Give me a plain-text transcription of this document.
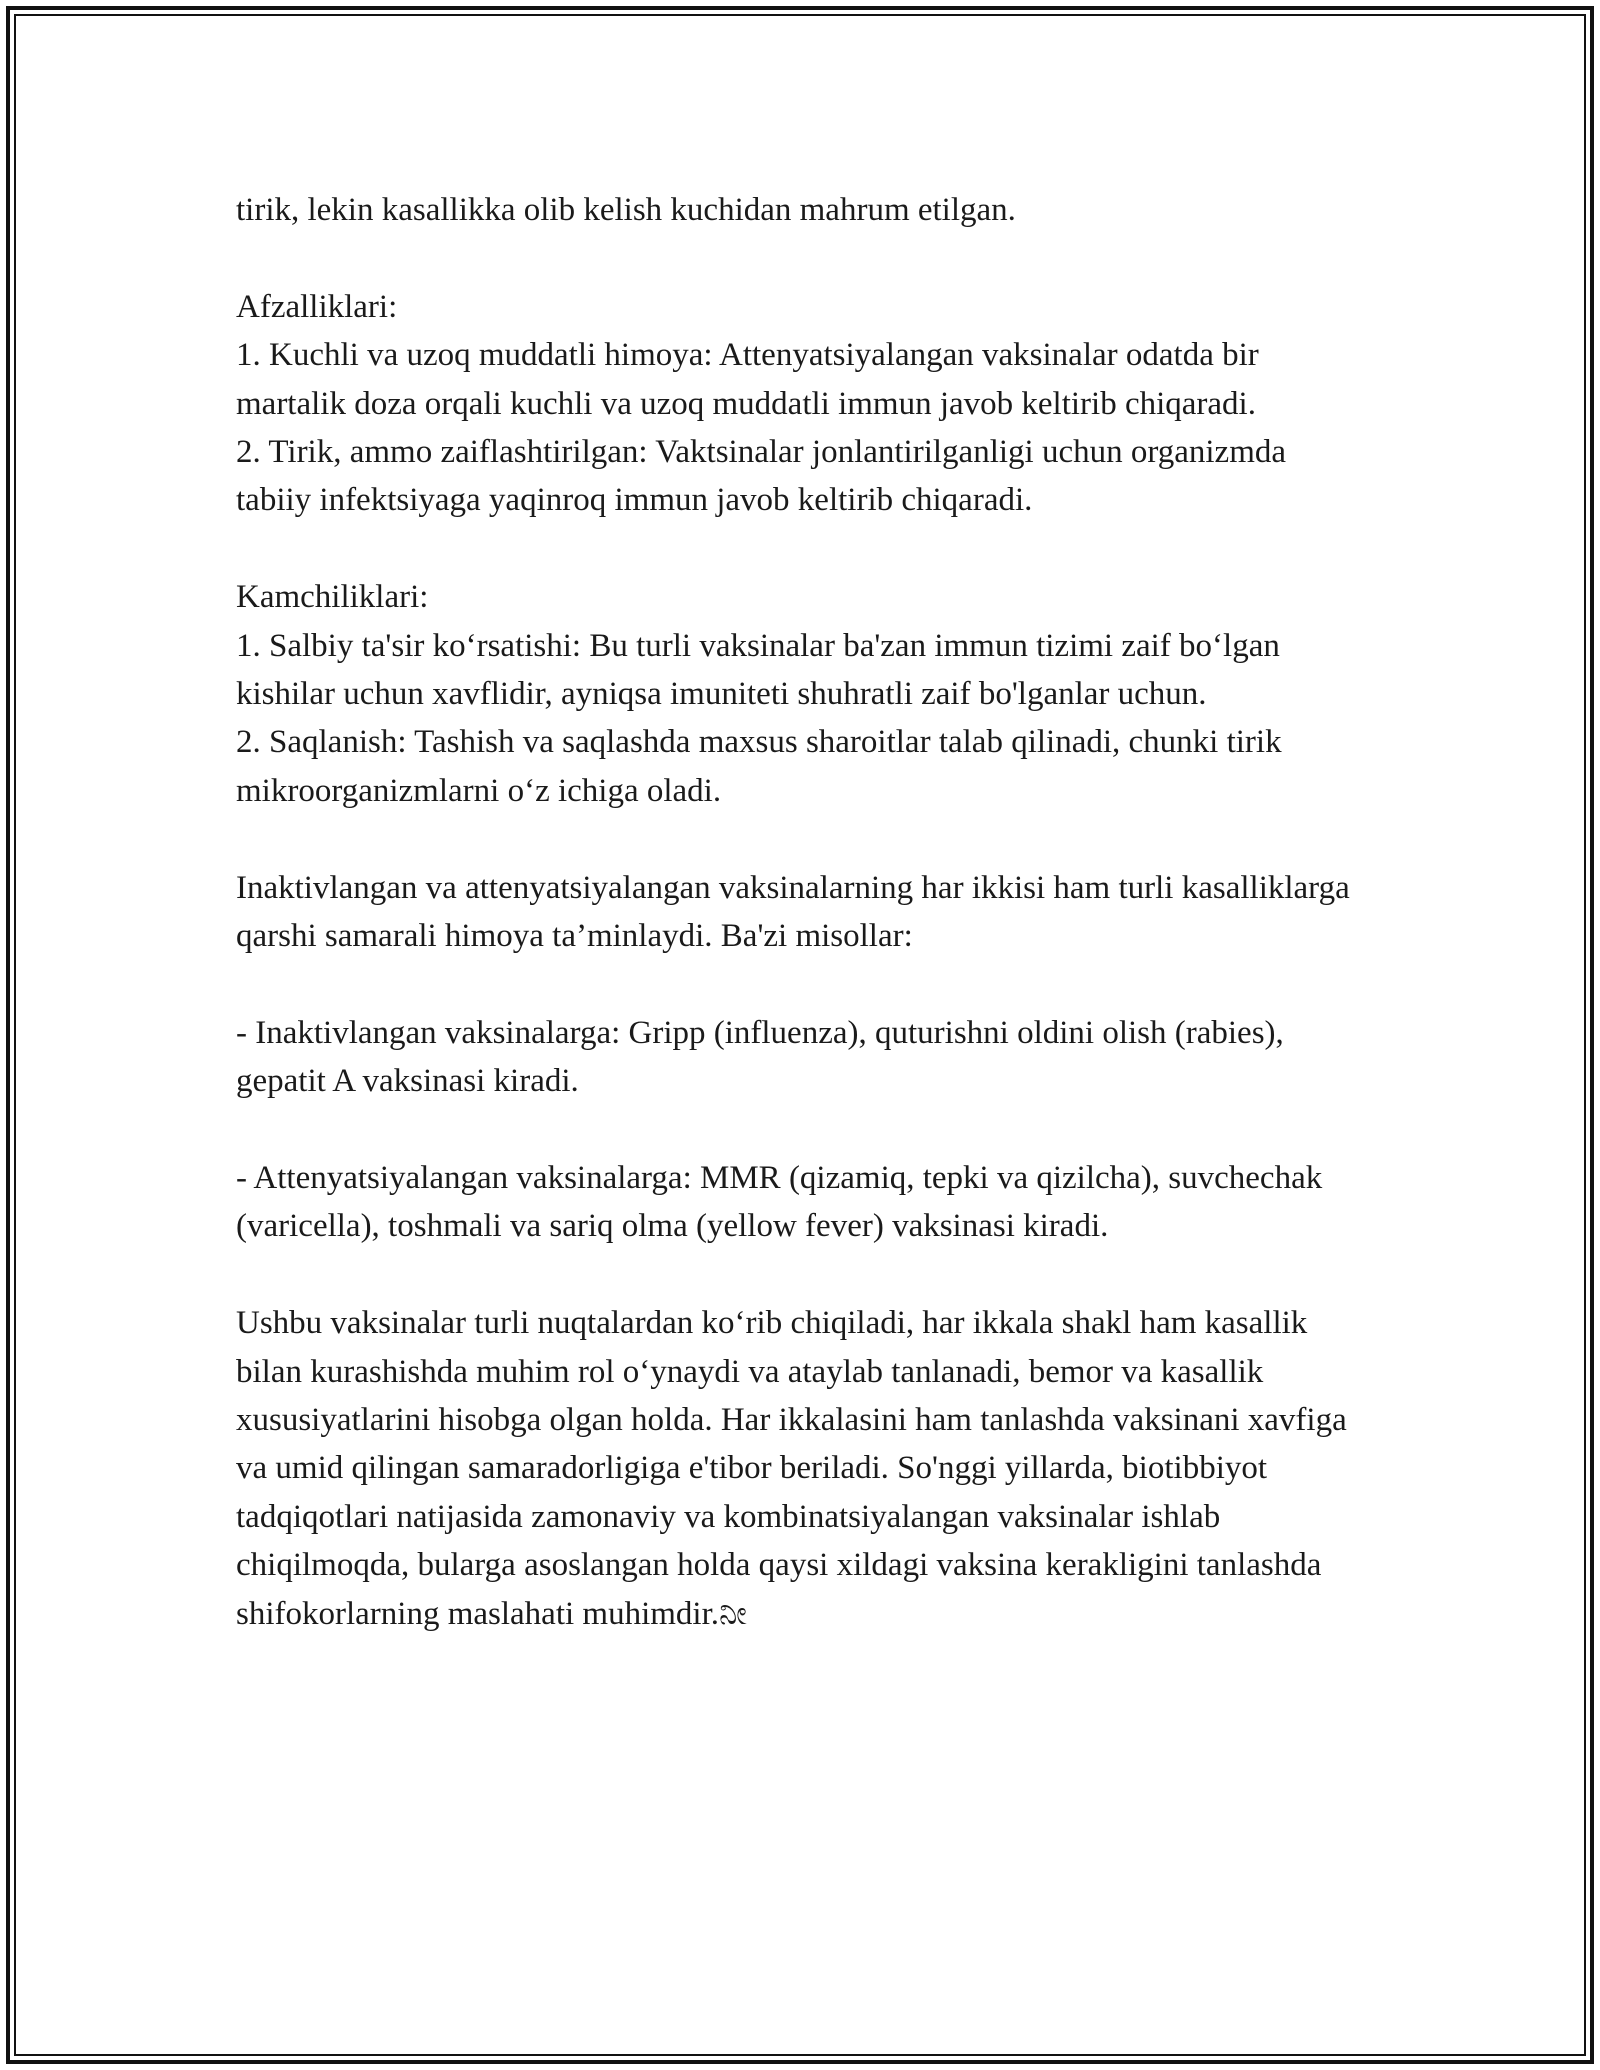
tirik, lekin kasallikka olib kelish kuchidan mahrum etilgan.

Afzalliklari:

1. Kuchli va uzoq muddatli himoya: Attenyatsiyalangan vaksinalar odatda bir martalik doza orqali kuchli va uzoq muddatli immun javob keltirib chiqaradi.

2. Tirik, ammo zaiflashtirilgan: Vaktsinalar jonlantirilganligi uchun organizmda tabiiy infektsiyaga yaqinroq immun javob keltirib chiqaradi.

Kamchiliklari:

1. Salbiy ta'sir ko‘rsatishi: Bu turli vaksinalar ba'zan immun tizimi zaif bo‘lgan kishilar uchun xavflidir, ayniqsa imuniteti shuhratli zaif bo'lganlar uchun.

2. Saqlanish: Tashish va saqlashda maxsus sharoitlar talab qilinadi, chunki tirik mikroorganizmlarni o‘z ichiga oladi.

Inaktivlangan va attenyatsiyalangan vaksinalarning har ikkisi ham turli kasalliklarga qarshi samarali himoya ta’minlaydi. Ba'zi misollar:

- Inaktivlangan vaksinalarga: Gripp (influenza), quturishni oldini olish (rabies), gepatit A vaksinasi kiradi.

- Attenyatsiyalangan vaksinalarga: MMR (qizamiq, tepki va qizilcha), suvchechak (varicella), toshmali va sariq olma (yellow fever) vaksinasi kiradi.

Ushbu vaksinalar turli nuqtalardan ko‘rib chiqiladi, har ikkala shakl ham kasallik bilan kurashishda muhim rol o‘ynaydi va ataylab tanlanadi, bemor va kasallik xususiyatlarini hisobga olgan holda. Har ikkalasini ham tanlashda vaksinani xavfiga va umid qilingan samaradorligiga e'tibor beriladi. So'nggi yillarda, biotibbiyot tadqiqotlari natijasida zamonaviy va kombinatsiyalangan vaksinalar ishlab chiqilmoqda, bularga asoslangan holda qaysi xildagi vaksina kerakligini tanlashda shifokorlarning maslahati muhimdir.ನೀ
